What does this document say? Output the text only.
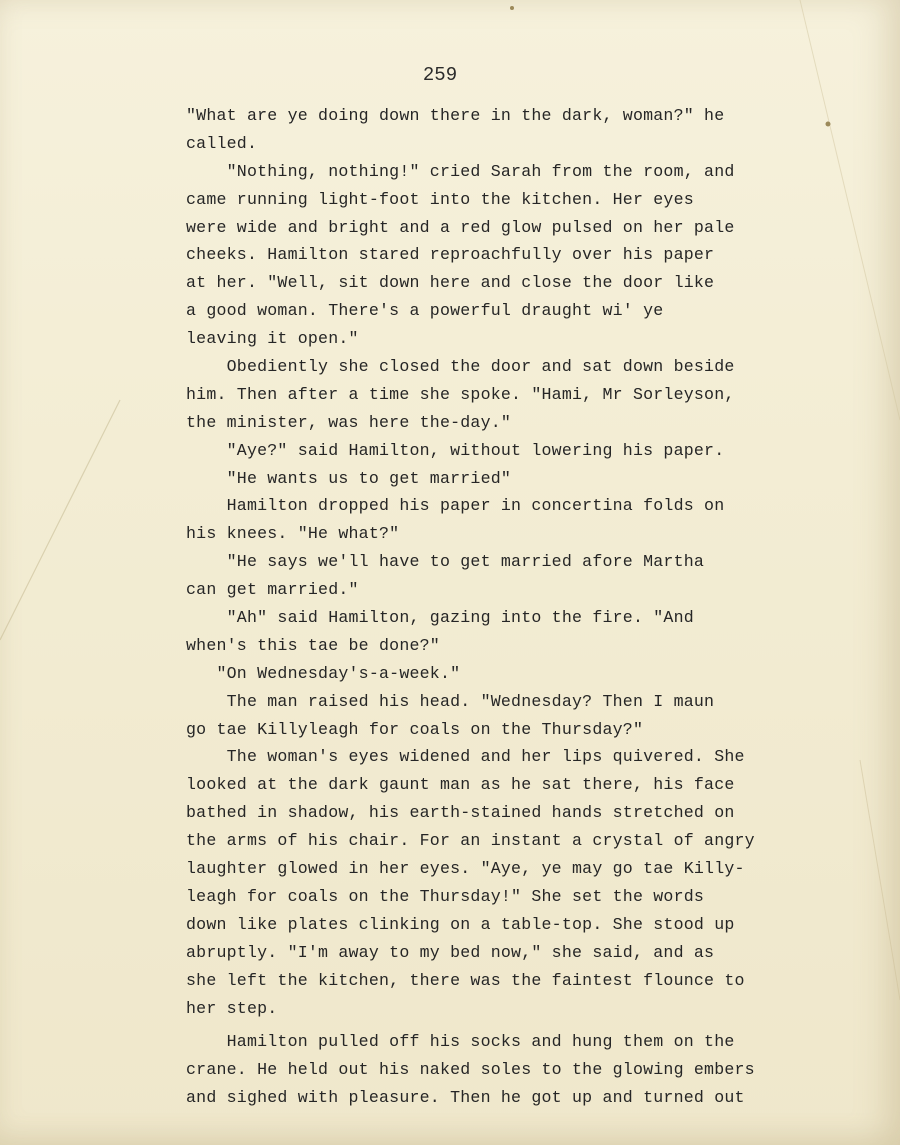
259
"What are ye doing down there in the dark, woman?" he
called.
"Nothing, nothing!" cried Sarah from the room, and
came running light-foot into the kitchen. Her eyes
were wide and bright and a red glow pulsed on her pale
cheeks. Hamilton stared reproachfully over his paper
at her. "Well, sit down here and close the door like
a good woman. There's a powerful draught wi' ye
leaving it open."
Obediently she closed the door and sat down beside
him. Then after a time she spoke. "Hami, Mr Sorleyson,
the minister, was here the-day."
"Aye?" said Hamilton, without lowering his paper.
"He wants us to get married"
Hamilton dropped his paper in concertina folds on
his knees. "He what?"
"He says we'll have to get married afore Martha
can get married."
"Ah" said Hamilton, gazing into the fire. "And
when's this tae be done?"
"On Wednesday's-a-week."
The man raised his head. "Wednesday? Then I maun
go tae Killyleagh for coals on the Thursday?"
The woman's eyes widened and her lips quivered. She
looked at the dark gaunt man as he sat there, his face
bathed in shadow, his earth-stained hands stretched on
the arms of his chair. For an instant a crystal of angry
laughter glowed in her eyes. "Aye, ye may go tae Killy-
leagh for coals on the Thursday!" She set the words
down like plates clinking on a table-top. She stood up
abruptly. "I'm away to my bed now," she said, and as
she left the kitchen, there was the faintest flounce to
her step.
Hamilton pulled off his socks and hung them on the
crane. He held out his naked soles to the glowing embers
and sighed with pleasure. Then he got up and turned out
